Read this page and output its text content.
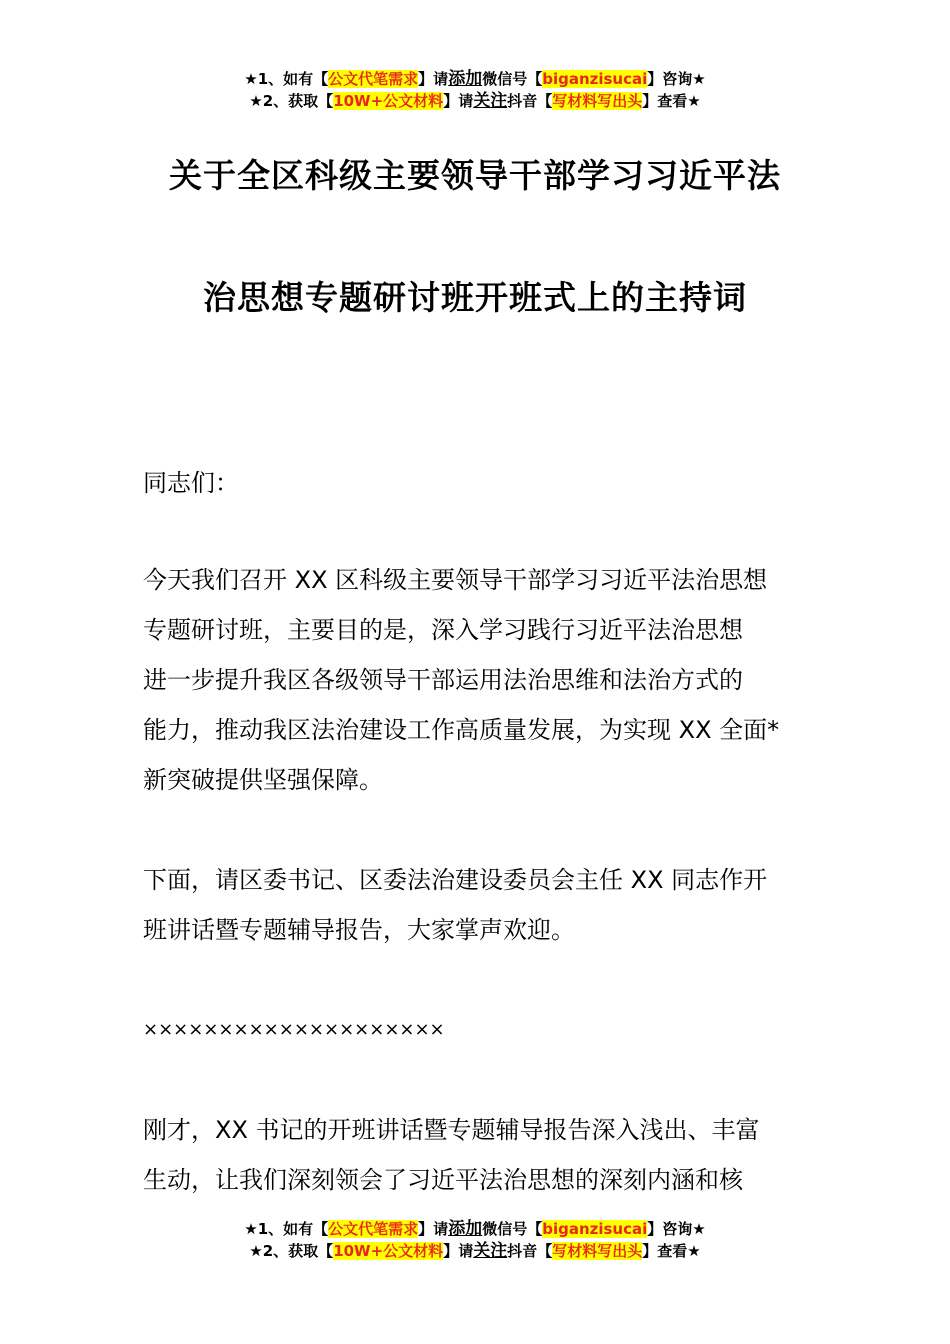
★1、如有【公文代笔需求】请添加微信号【biganzisucai】咨询★
★2、获取【10W+公文材料】请关注抖音【写材料写出头】查看★
关于全区科级主要领导干部学习习近平法
治思想专题研讨班开班式上的主持词
同志们：
今天我们召开 XX 区科级主要领导干部学习习近平法治思想
专题研讨班，主要目的是，深入学习践行习近平法治思想
进一步提升我区各级领导干部运用法治思维和法治方式的
能力，推动我区法治建设工作高质量发展，为实现 XX 全面*
新突破提供坚强保障。
下面，请区委书记、区委法治建设委员会主任 XX 同志作开
班讲话暨专题辅导报告，大家掌声欢迎。
××××××××××××××××××××
刚才，XX 书记的开班讲话暨专题辅导报告深入浅出、丰富
生动，让我们深刻领会了习近平法治思想的深刻内涵和核
★1、如有【公文代笔需求】请添加微信号【biganzisucai】咨询★
★2、获取【10W+公文材料】请关注抖音【写材料写出头】查看★
